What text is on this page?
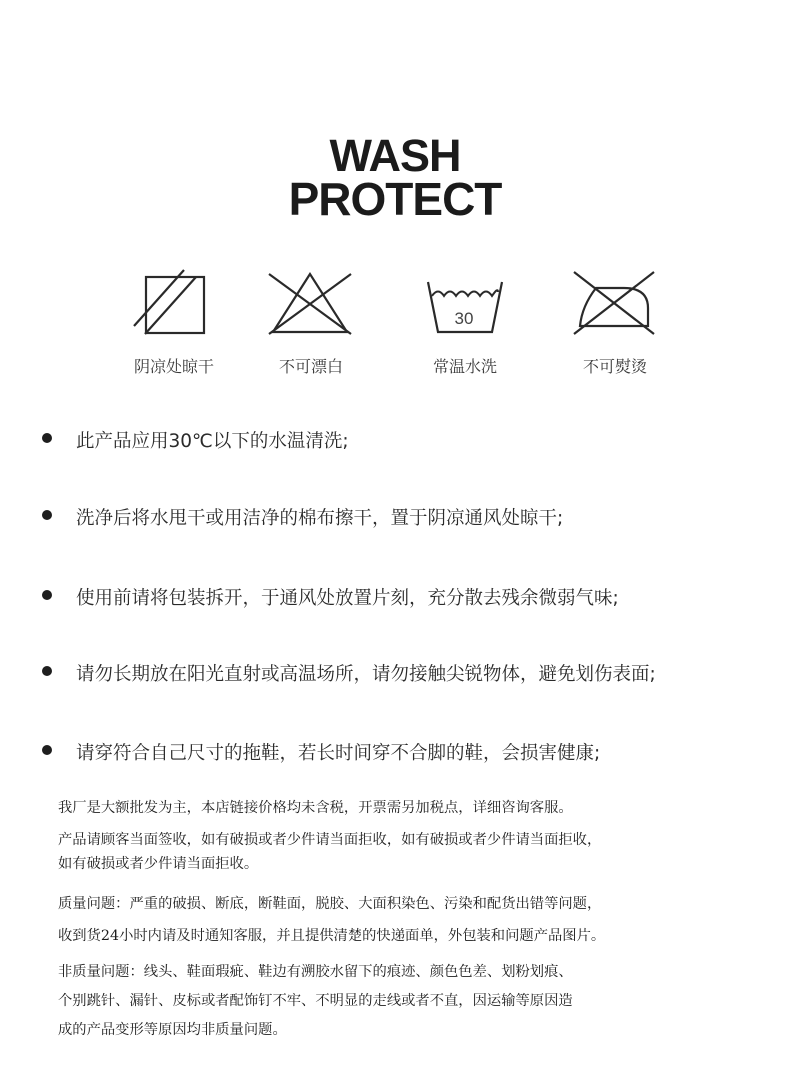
WASH
PROTECT
阴凉处晾干	不可漂白
30
常温水洗	不可熨烫
此产品应用30℃以下的水温清洗;
洗净后将水甩干或用洁净的棉布擦干，置于阴凉通风处晾干;
使用前请将包装拆开，于通风处放置片刻，充分散去残余微弱气味;
请勿长期放在阳光直射或高温场所，请勿接触尖锐物体，避免划伤表面;
请穿符合自己尺寸的拖鞋，若长时间穿不合脚的鞋，会损害健康;
我厂是大额批发为主，本店链接价格均未含税，开票需另加税点，详细咨询客服。
产品请顾客当面签收，如有破损或者少件请当面拒收，如有破损或者少件请当面拒收，
如有破损或者少件请当面拒收。
质量问题：严重的破损、断底，断鞋面，脱胶、大面积染色、污染和配货出错等问题，
收到货24小时内请及时通知客服，并且提供清楚的快递面单，外包装和问题产品图片。
非质量问题：线头、鞋面瑕疵、鞋边有溯胶水留下的痕迹、颜色色差、划粉划痕、
个别跳针、漏针、皮标或者配饰钉不牢、不明显的走线或者不直，因运输等原因造
成的产品变形等原因均非质量问题。
